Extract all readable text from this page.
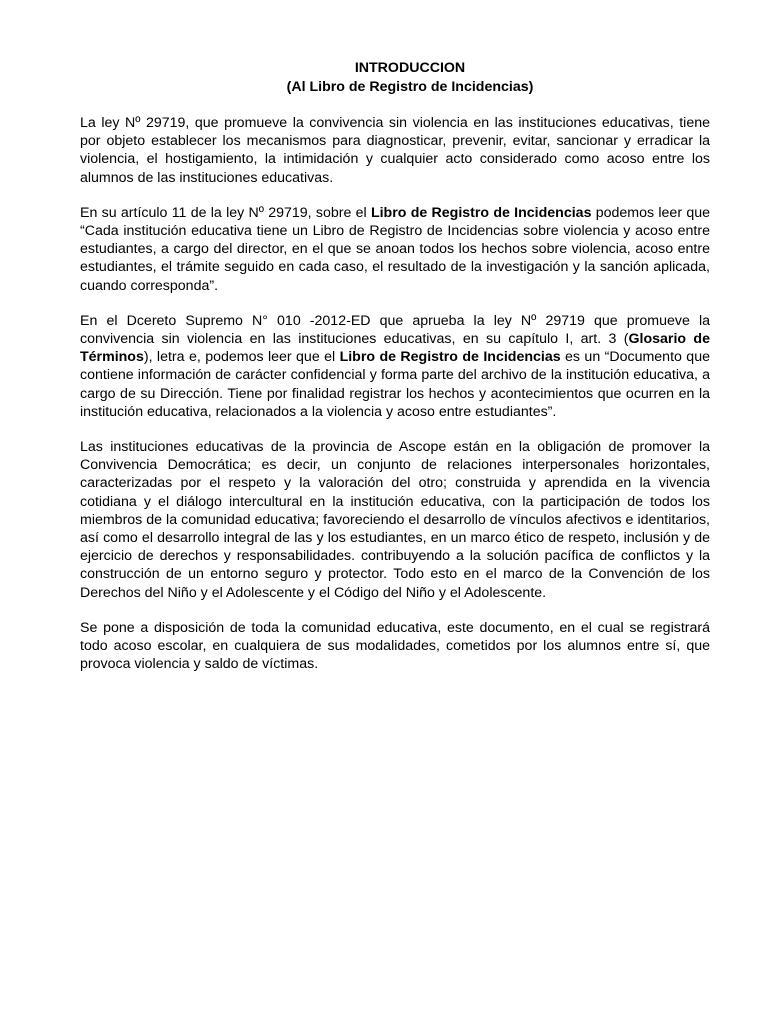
INTRODUCCION
(Al Libro de Registro de Incidencias)

La ley Nº 29719, que promueve la convivencia sin violencia en las instituciones educativas, tiene por objeto establecer los mecanismos para diagnosticar, prevenir, evitar, sancionar y erradicar la violencia, el hostigamiento, la intimidación y cualquier acto considerado como acoso entre los alumnos de las instituciones educativas.

En su artículo 11 de la ley Nº 29719, sobre el Libro de Registro de Incidencias podemos leer que “Cada institución educativa tiene un Libro de Registro de Incidencias sobre violencia y acoso entre estudiantes, a cargo del director, en el que se anoan todos los hechos sobre violencia, acoso entre estudiantes, el trámite seguido en cada caso, el resultado de la investigación y la sanción aplicada, cuando corresponda”.

En el Dcereto Supremo N° 010 -2012-ED que aprueba la ley Nº 29719 que promueve la convivencia sin violencia en las instituciones educativas, en su capítulo I, art. 3 (Glosario de Términos), letra e, podemos leer que el Libro de Registro de Incidencias es un “Documento que contiene información de carácter confidencial y forma parte del archivo de la institución educativa, a cargo de su Dirección. Tiene por finalidad registrar los hechos y acontecimientos que ocurren en la institución educativa, relacionados a la violencia y acoso entre estudiantes”.

Las instituciones educativas de la provincia de Ascope están en la obligación de promover la Convivencia Democrática; es decir, un conjunto de relaciones interpersonales horizontales, caracterizadas por el respeto y la valoración del otro; construida y aprendida en la vivencia cotidiana y el diálogo intercultural en la institución educativa, con la participación de todos los miembros de la comunidad educativa; favoreciendo el desarrollo de vínculos afectivos e identitarios, así como el desarrollo integral de las y los estudiantes, en un marco ético de respeto, inclusión y de ejercicio de derechos y responsabilidades. contribuyendo a la solución pacífica de conflictos y la construcción de un entorno seguro y protector. Todo esto en el marco de la Convención de los Derechos del Niño y el Adolescente y el Código del Niño y el Adolescente.

Se pone a disposición de toda la comunidad educativa, este documento, en el cual se registrará todo acoso escolar, en cualquiera de sus modalidades, cometidos por los alumnos entre sí, que provoca violencia y saldo de víctimas.
